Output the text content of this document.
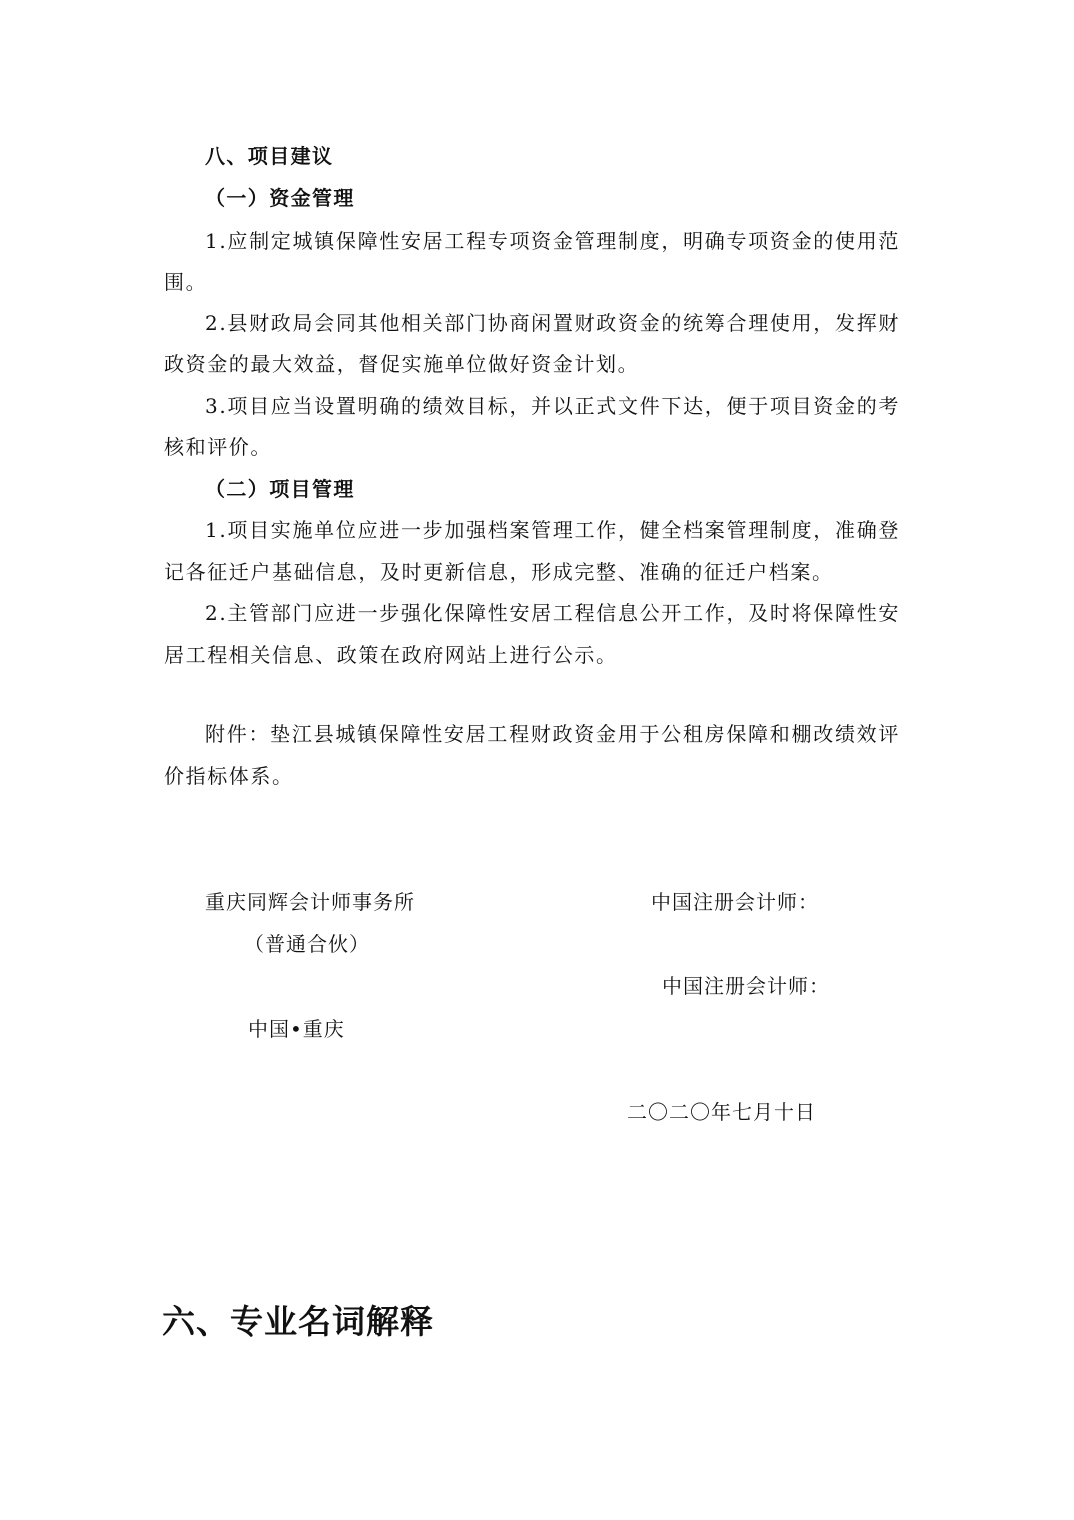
八、项目建议
（一）资金管理
1.应制定城镇保障性安居工程专项资金管理制度，明确专项资金的使用范
围。
2.县财政局会同其他相关部门协商闲置财政资金的统筹合理使用，发挥财
政资金的最大效益，督促实施单位做好资金计划。
3.项目应当设置明确的绩效目标，并以正式文件下达，便于项目资金的考
核和评价。
（二）项目管理
1.项目实施单位应进一步加强档案管理工作，健全档案管理制度，准确登
记各征迁户基础信息，及时更新信息，形成完整、准确的征迁户档案。
2.主管部门应进一步强化保障性安居工程信息公开工作，及时将保障性安
居工程相关信息、政策在政府网站上进行公示。
附件：垫江县城镇保障性安居工程财政资金用于公租房保障和棚改绩效评
价指标体系。
重庆同辉会计师事务所
（普通合伙）
中国•重庆
中国注册会计师：
中国注册会计师：
二〇二〇年七月十日
六、专业名词解释
